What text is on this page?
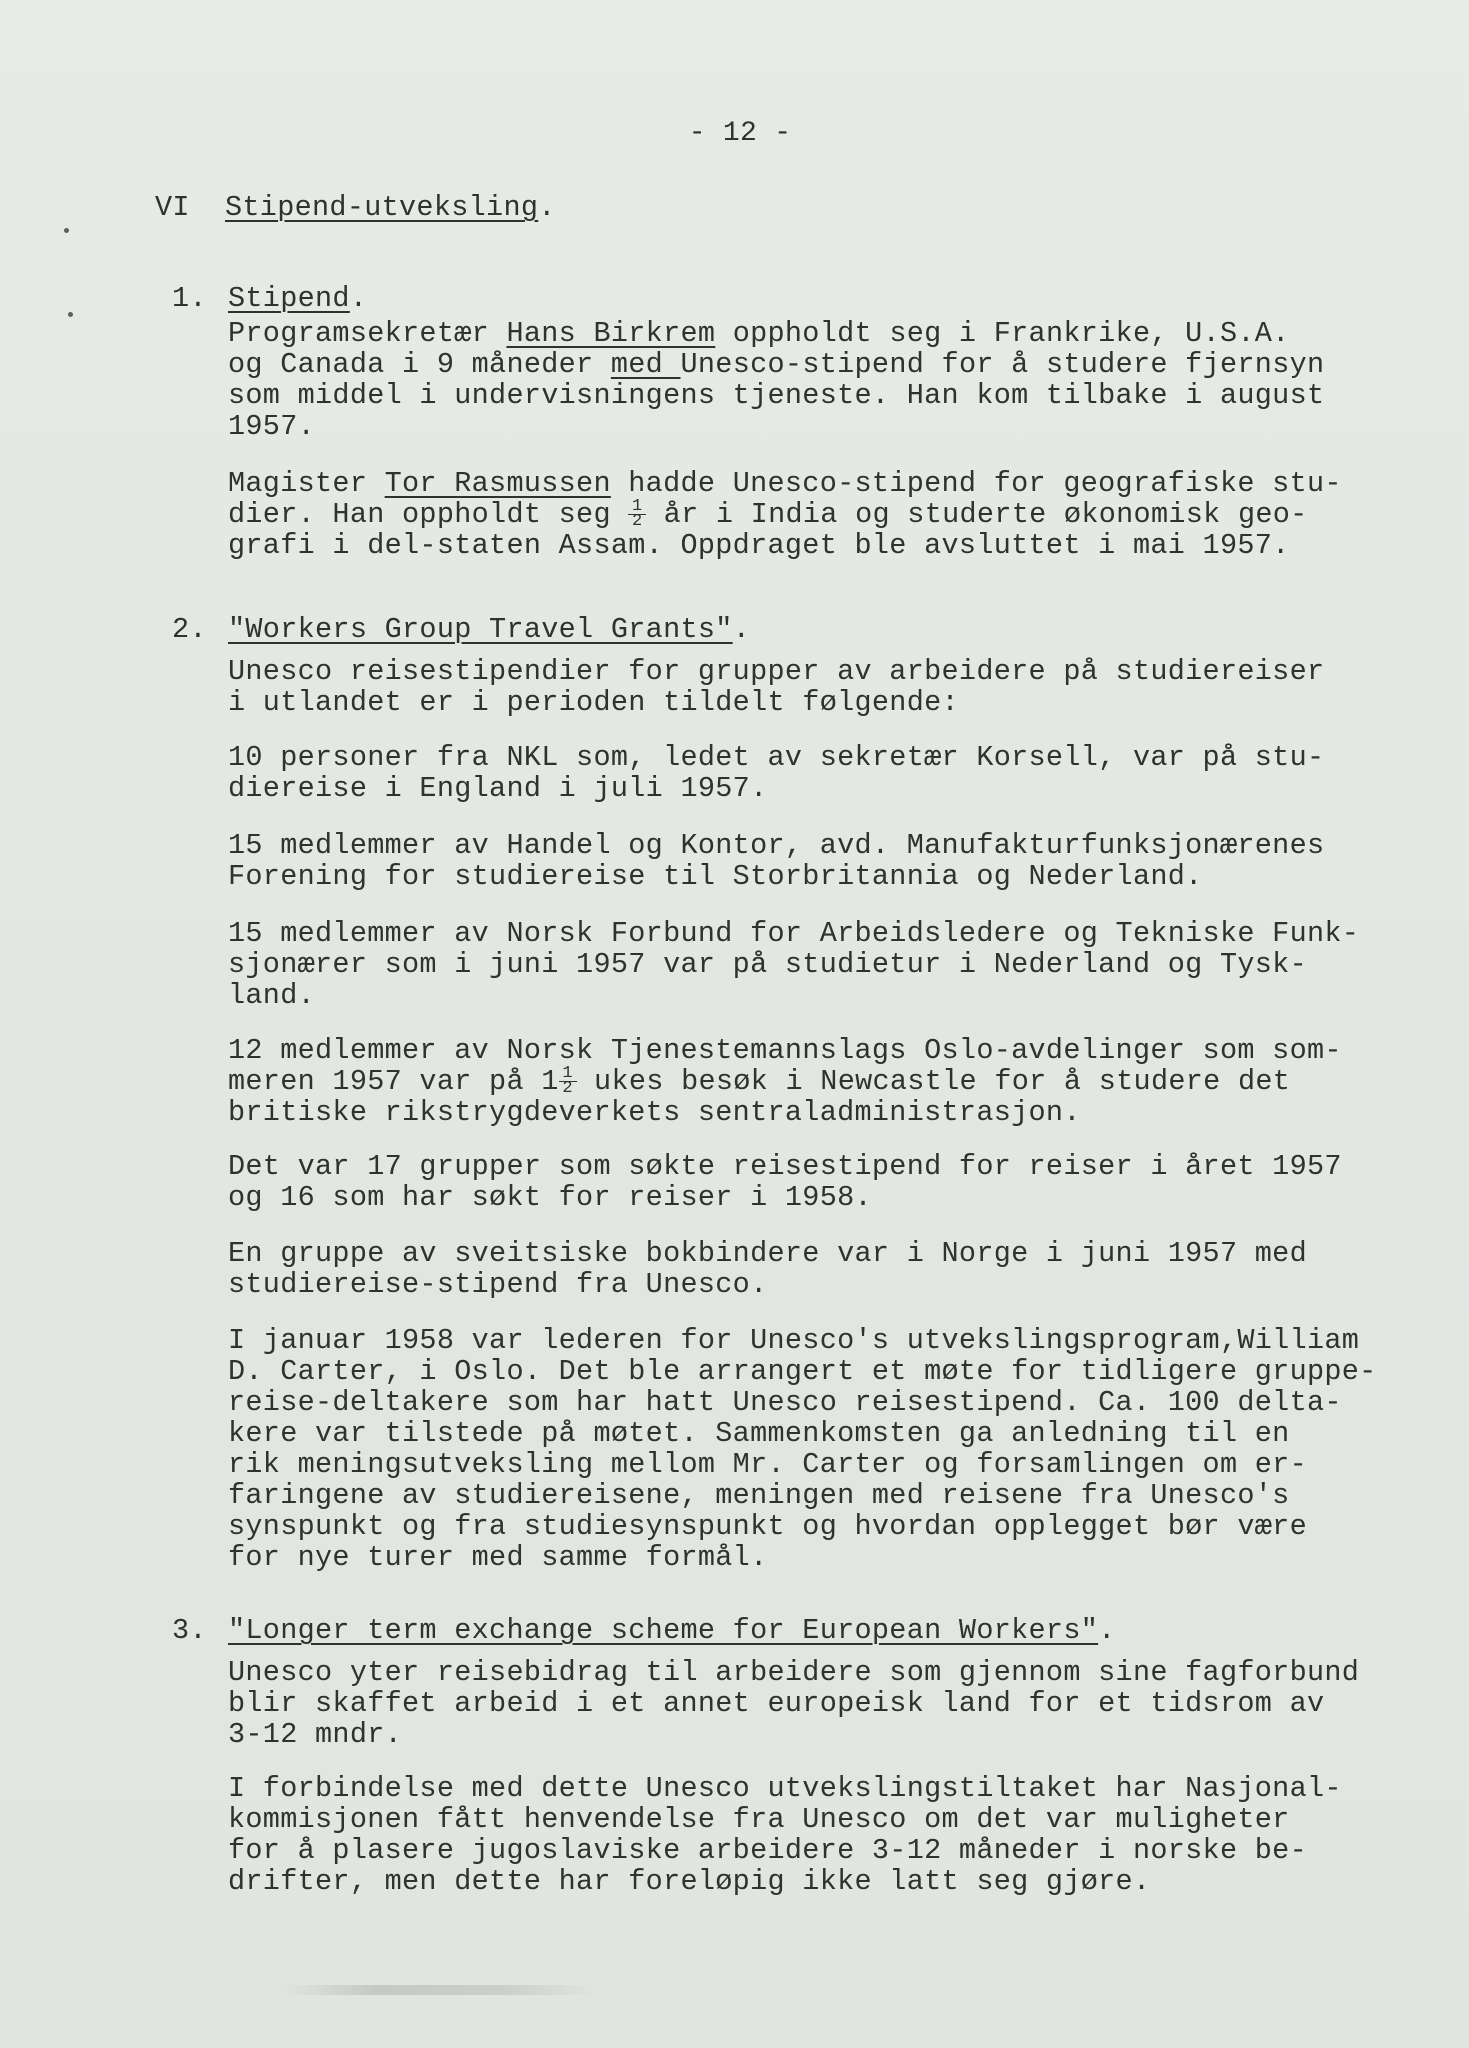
- 12 -
VI Stipend-utveksling.
1. Stipend.
Programsekretær Hans Birkrem oppholdt seg i Frankrike, U.S.A.
og Canada i 9 måneder med Unesco-stipend for å studere fjernsyn
som middel i undervisningens tjeneste. Han kom tilbake i august
1957.
Magister Tor Rasmussen hadde Unesco-stipend for geografiske stu-
dier. Han oppholdt seg $\frac{1}{2}$ år i India og studerte økonomisk geo-
grafi i del-staten Assam. Oppdraget ble avsluttet i mai 1957.
2. "Workers Group Travel Grants".
Unesco reisestipendier for grupper av arbeidere på studiereiser
i utlandet er i perioden tildelt følgende:
10 personer fra NKL som, ledet av sekretær Korsell, var på stu-
diereise i England i juli 1957.
15 medlemmer av Handel og Kontor, avd. Manufakturfunksjonærenes
Forening for studiereise til Storbritannia og Nederland.
15 medlemmer av Norsk Forbund for Arbeidsledere og Tekniske Funk-
sjonærer som i juni 1957 var på studietur i Nederland og Tysk-
land.
12 medlemmer av Norsk Tjenestemannslags Oslo-avdelinger som som-
meren 1957 var på $1 \frac{1}{2}$ ukes besøk i Newcastle for å studere det
britiske rikstrygdeverkets sentraladministrasjon.
Det var 17 grupper som søkte reisestipend for reiser i året 1957
og 16 som har søkt for reiser i 1958.
En gruppe av sveitsiske bokbindere var i Norge i juni 1957 med
studiereise-stipend fra Unesco.
I januar 1958 var lederen for Unesco's utvekslingsprogram,William
D. Carter, i Oslo. Det ble arrangert et møte for tidligere gruppe-
reise-deltakere som har hatt Unesco reisestipend. Ca. 100 delta-
kere var tilstede på møtet. Sammenkomsten ga anledning til en
rik meningsutveksling mellom Mr. Carter og forsamlingen om er-
faringene av studiereisene, meningen med reisene fra Unesco's
synspunkt og fra studiesynspunkt og hvordan opplegget bør være
for nye turer med samme formål.
3. "Longer term exchange scheme for European Workers".
Unesco yter reisebidrag til arbeidere som gjennom sine fagforbund
blir skaffet arbeid i et annet europeisk land for et tidsrom av
3-12 mndr.
I forbindelse med dette Unesco utvekslingstiltaket har Nasjonal-
kommisjonen fått henvendelse fra Unesco om det var muligheter
for å plasere jugoslaviske arbeidere 3-12 måneder i norske be-
drifter, men dette har foreløpig ikke latt seg gjøre.
